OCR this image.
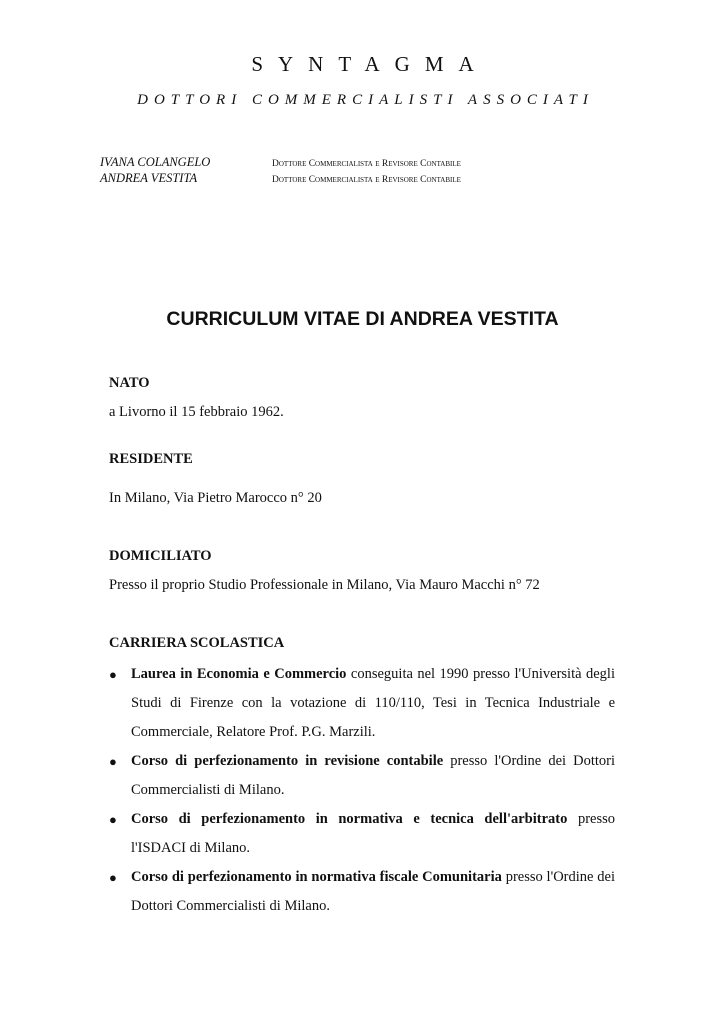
SYNTAGMA
DOTTORI COMMERCIALISTI ASSOCIATI
IVANA COLANGELO	Dottore Commercialista e Revisore Contabile
ANDREA VESTITA	Dottore Commercialista e Revisore Contabile
CURRICULUM VITAE DI ANDREA VESTITA
NATO
a Livorno il 15 febbraio 1962.
RESIDENTE
In Milano, Via Pietro Marocco n° 20
DOMICILIATO
Presso il proprio Studio Professionale in Milano, Via Mauro Macchi n° 72
CARRIERA SCOLASTICA
● Laurea in Economia e Commercio conseguita nel 1990 presso l'Università degli Studi di Firenze con la votazione di 110/110, Tesi in Tecnica Industriale e Commerciale, Relatore Prof. P.G. Marzili.
● Corso di perfezionamento in revisione contabile presso l'Ordine dei Dottori Commercialisti di Milano.
● Corso di perfezionamento in normativa e tecnica dell'arbitrato presso l'ISDACI di Milano.
● Corso di perfezionamento in normativa fiscale Comunitaria presso l'Ordine dei Dottori Commercialisti di Milano.
